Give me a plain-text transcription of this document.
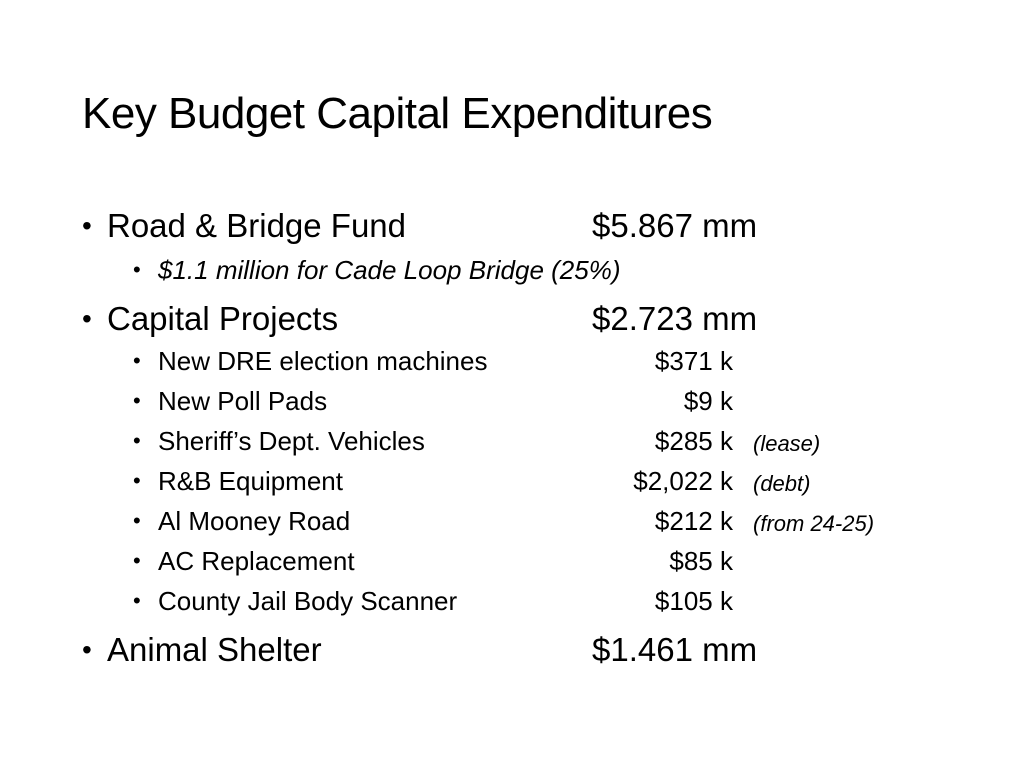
Key Budget Capital Expenditures
• Road & Bridge Fund	$5.867 mm
• $1.1 million for Cade Loop Bridge (25%)
• Capital Projects	$2.723 mm
• New DRE election machines	$371 k
• New Poll Pads	$9 k
• Sheriff’s Dept. Vehicles	$285 k (lease)
• R&B Equipment	$2,022 k (debt)
• Al Mooney Road	$212 k (from 24-25)
• AC Replacement	$85 k
• County Jail Body Scanner	$105 k
• Animal Shelter	$1.461 mm
